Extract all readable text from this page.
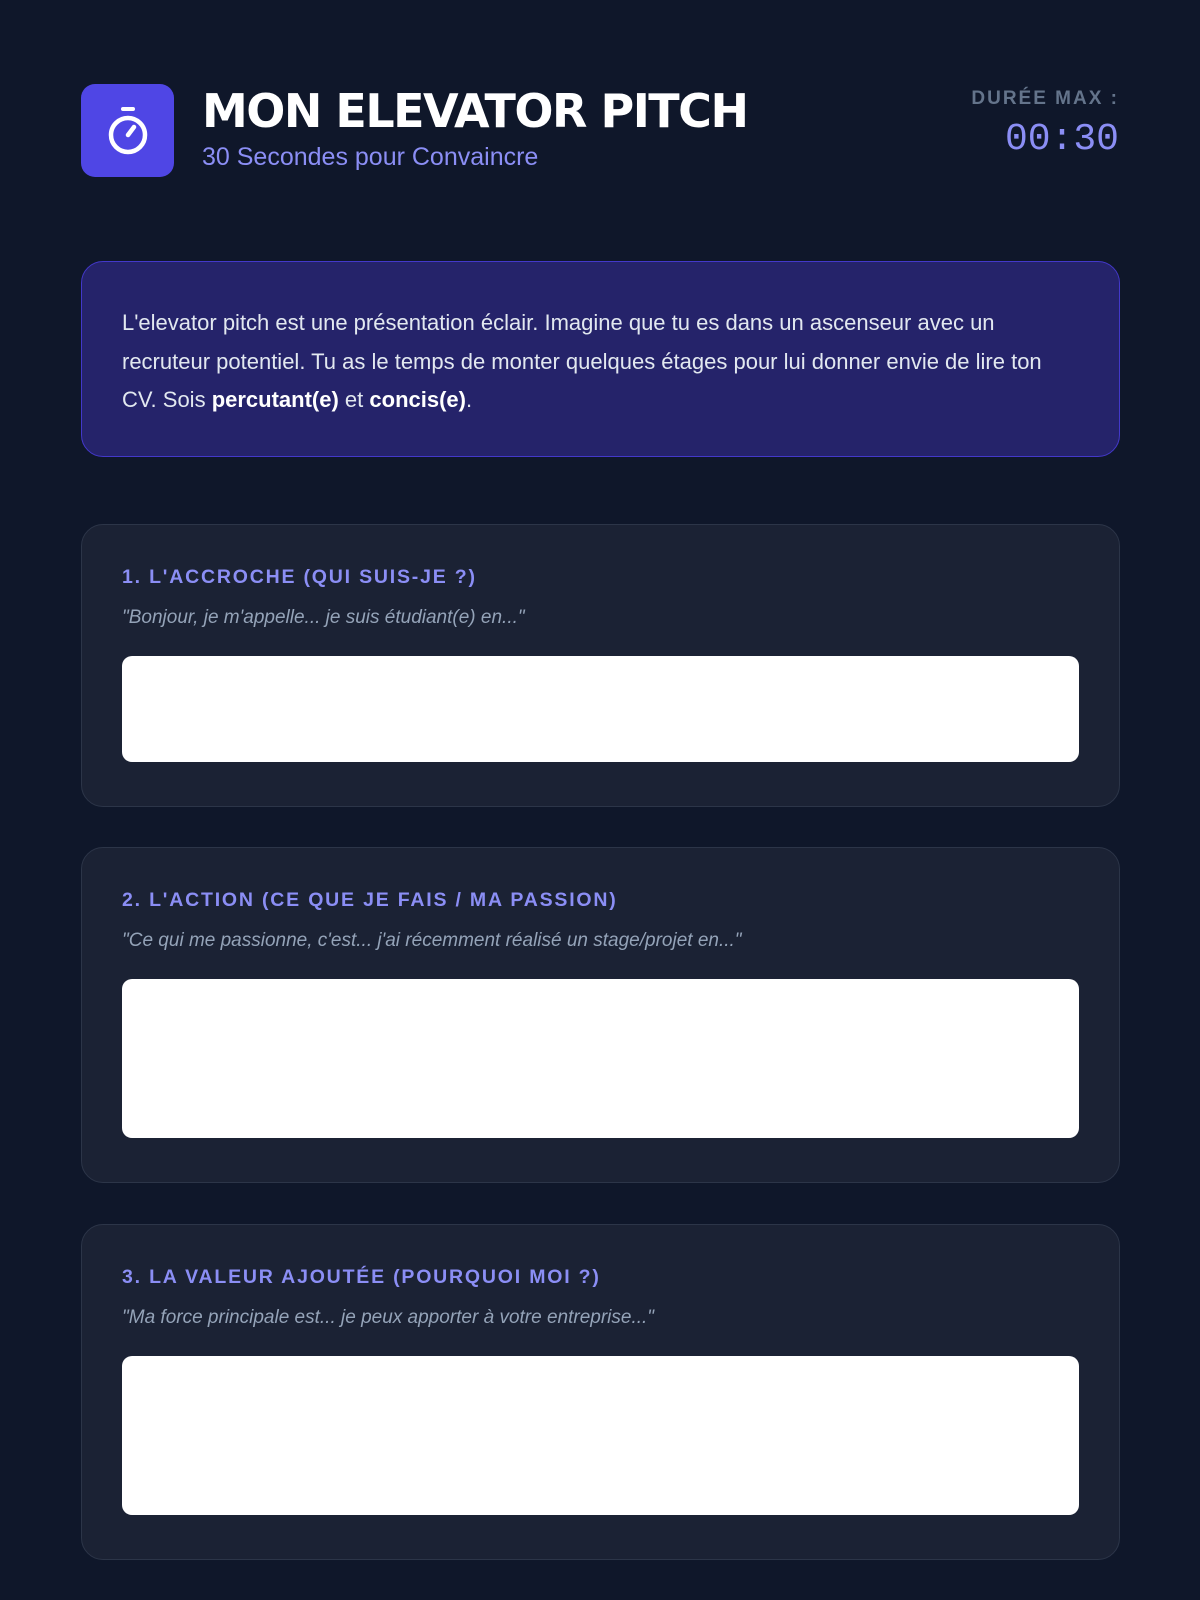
MON ELEVATOR PITCH
30 Secondes pour Convaincre
DURÉE MAX :
00:30

L'elevator pitch est une présentation éclair. Imagine que tu es dans un ascenseur avec un recruteur potentiel. Tu as le temps de monter quelques étages pour lui donner envie de lire ton CV. Sois percutant(e) et concis(e).

1. L'ACCROCHE (QUI SUIS-JE ?)
"Bonjour, je m'appelle... je suis étudiant(e) en..."
2. L'ACTION (CE QUE JE FAIS / MA PASSION)
"Ce qui me passionne, c'est... j'ai récemment réalisé un stage/projet en..."
3. LA VALEUR AJOUTÉE (POURQUOI MOI ?)
"Ma force principale est... je peux apporter à votre entreprise..."
